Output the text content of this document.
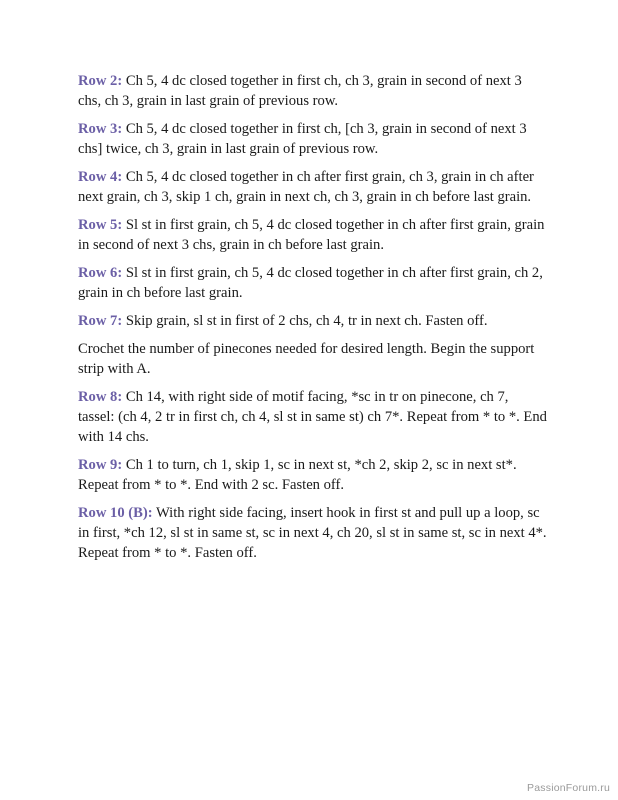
Row 2: Ch 5, 4 dc closed together in first ch, ch 3, grain in second of next 3 chs, ch 3, grain in last grain of previous row.

Row 3: Ch 5, 4 dc closed together in first ch, [ch 3, grain in second of next 3 chs] twice, ch 3, grain in last grain of previous row.

Row 4: Ch 5, 4 dc closed together in ch after first grain, ch 3, grain in ch after next grain, ch 3, skip 1 ch, grain in next ch, ch 3, grain in ch before last grain.

Row 5: Sl st in first grain, ch 5, 4 dc closed together in ch after first grain, grain in second of next 3 chs, grain in ch before last grain.

Row 6: Sl st in first grain, ch 5, 4 dc closed together in ch after first grain, ch 2, grain in ch before last grain.

Row 7: Skip grain, sl st in first of 2 chs, ch 4, tr in next ch. Fasten off.

Crochet the number of pinecones needed for desired length. Begin the support strip with A.

Row 8: Ch 14, with right side of motif facing, *sc in tr on pinecone, ch 7, tassel: (ch 4, 2 tr in first ch, ch 4, sl st in same st) ch 7*. Repeat from * to *. End with 14 chs.

Row 9: Ch 1 to turn, ch 1, skip 1, sc in next st, *ch 2, skip 2, sc in next st*. Repeat from * to *. End with 2 sc. Fasten off.

Row 10 (B): With right side facing, insert hook in first st and pull up a loop, sc in first, *ch 12, sl st in same st, sc in next 4, ch 20, sl st in same st, sc in next 4*. Repeat from * to *. Fasten off.

PassionForum.ru
